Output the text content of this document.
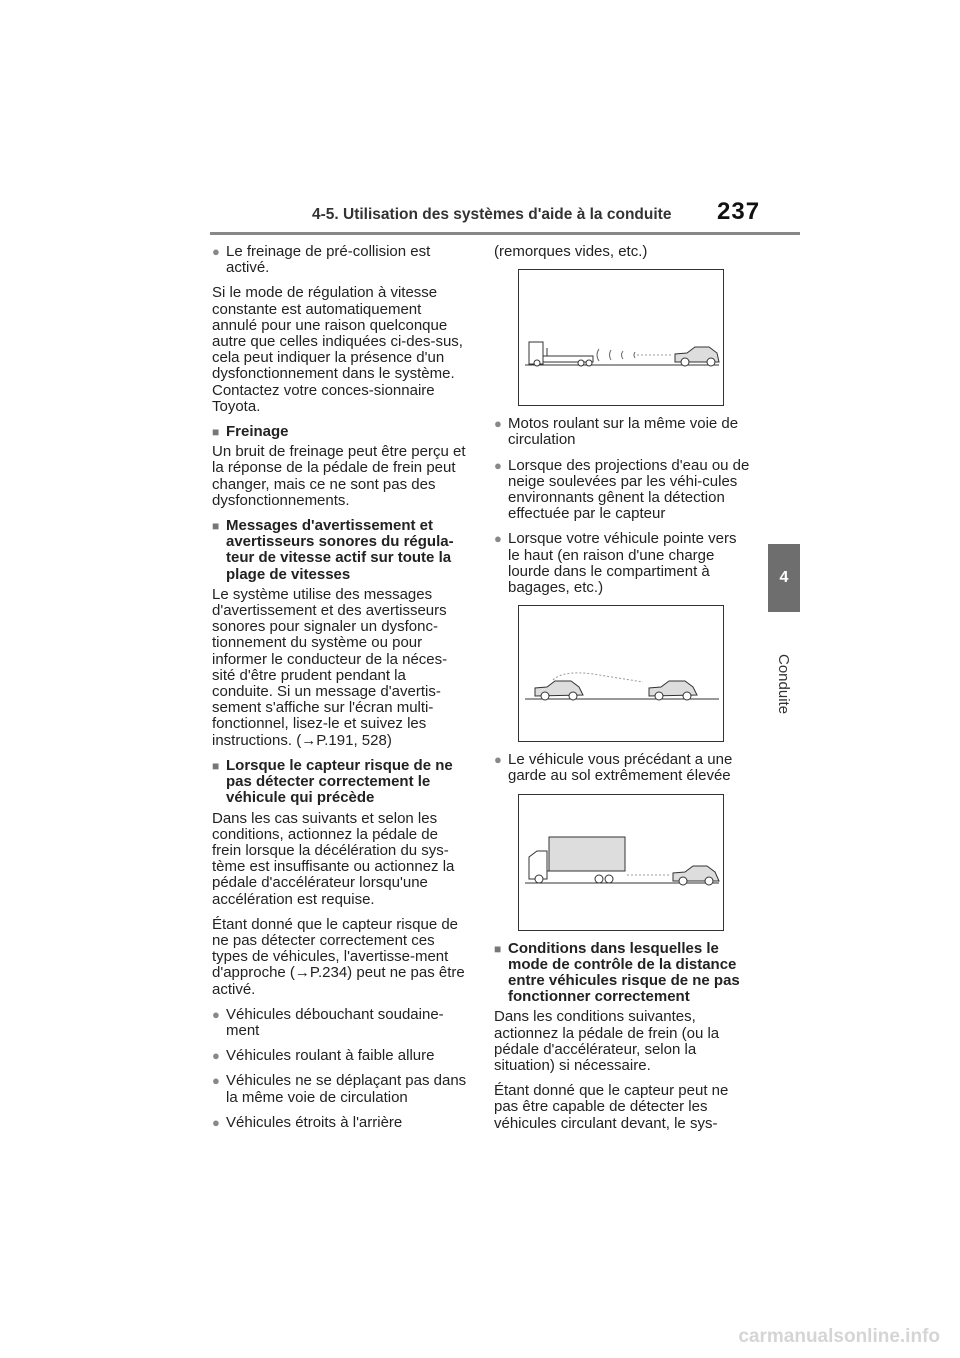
4-5. Utilisation des systèmes d'aide à la conduite 237
4
Conduite
● Le freinage de pré-collision est activé.

Si le mode de régulation à vitesse constante est automatiquement annulé pour une raison quelconque autre que celles indiquées ci-des-sus, cela peut indiquer la présence d'un dysfonctionnement dans le système. Contactez votre conces-sionnaire Toyota.

■ Freinage

Un bruit de freinage peut être perçu et la réponse de la pédale de frein peut changer, mais ce ne sont pas des dysfonctionnements.

■ Messages d'avertissement et avertisseurs sonores du régula-teur de vitesse actif sur toute la plage de vitesses

Le système utilise des messages d'avertissement et des avertisseurs sonores pour signaler un dysfonc-tionnement du système ou pour informer le conducteur de la néces-sité d'être prudent pendant la conduite. Si un message d'avertis-sement s'affiche sur l'écran multi-fonctionnel, lisez-le et suivez les instructions. (→P.191, 528)

■ Lorsque le capteur risque de ne pas détecter correctement le véhicule qui précède

Dans les cas suivants et selon les conditions, actionnez la pédale de frein lorsque la décélération du sys-tème est insuffisante ou actionnez la pédale d'accélérateur lorsqu'une accélération est requise.

Étant donné que le capteur risque de ne pas détecter correctement ces types de véhicules, l'avertisse-ment d'approche (→P.234) peut ne pas être activé.

● Véhicules débouchant soudaine-ment
● Véhicules roulant à faible allure
● Véhicules ne se déplaçant pas dans la même voie de circulation
● Véhicules étroits à l'arrière

(remorques vides, etc.)

● Motos roulant sur la même voie de circulation
● Lorsque des projections d'eau ou de neige soulevées par les véhi-cules environnants gênent la détection effectuée par le capteur
● Lorsque votre véhicule pointe vers le haut (en raison d'une charge lourde dans le compartiment à bagages, etc.)
● Le véhicule vous précédant a une garde au sol extrêmement élevée
■ Conditions dans lesquelles le mode de contrôle de la distance entre véhicules risque de ne pas fonctionner correctement

Dans les conditions suivantes, actionnez la pédale de frein (ou la pédale d'accélérateur, selon la situation) si nécessaire.

Étant donné que le capteur peut ne pas être capable de détecter les véhicules circulant devant, le sys-

carmanualsonline.info
